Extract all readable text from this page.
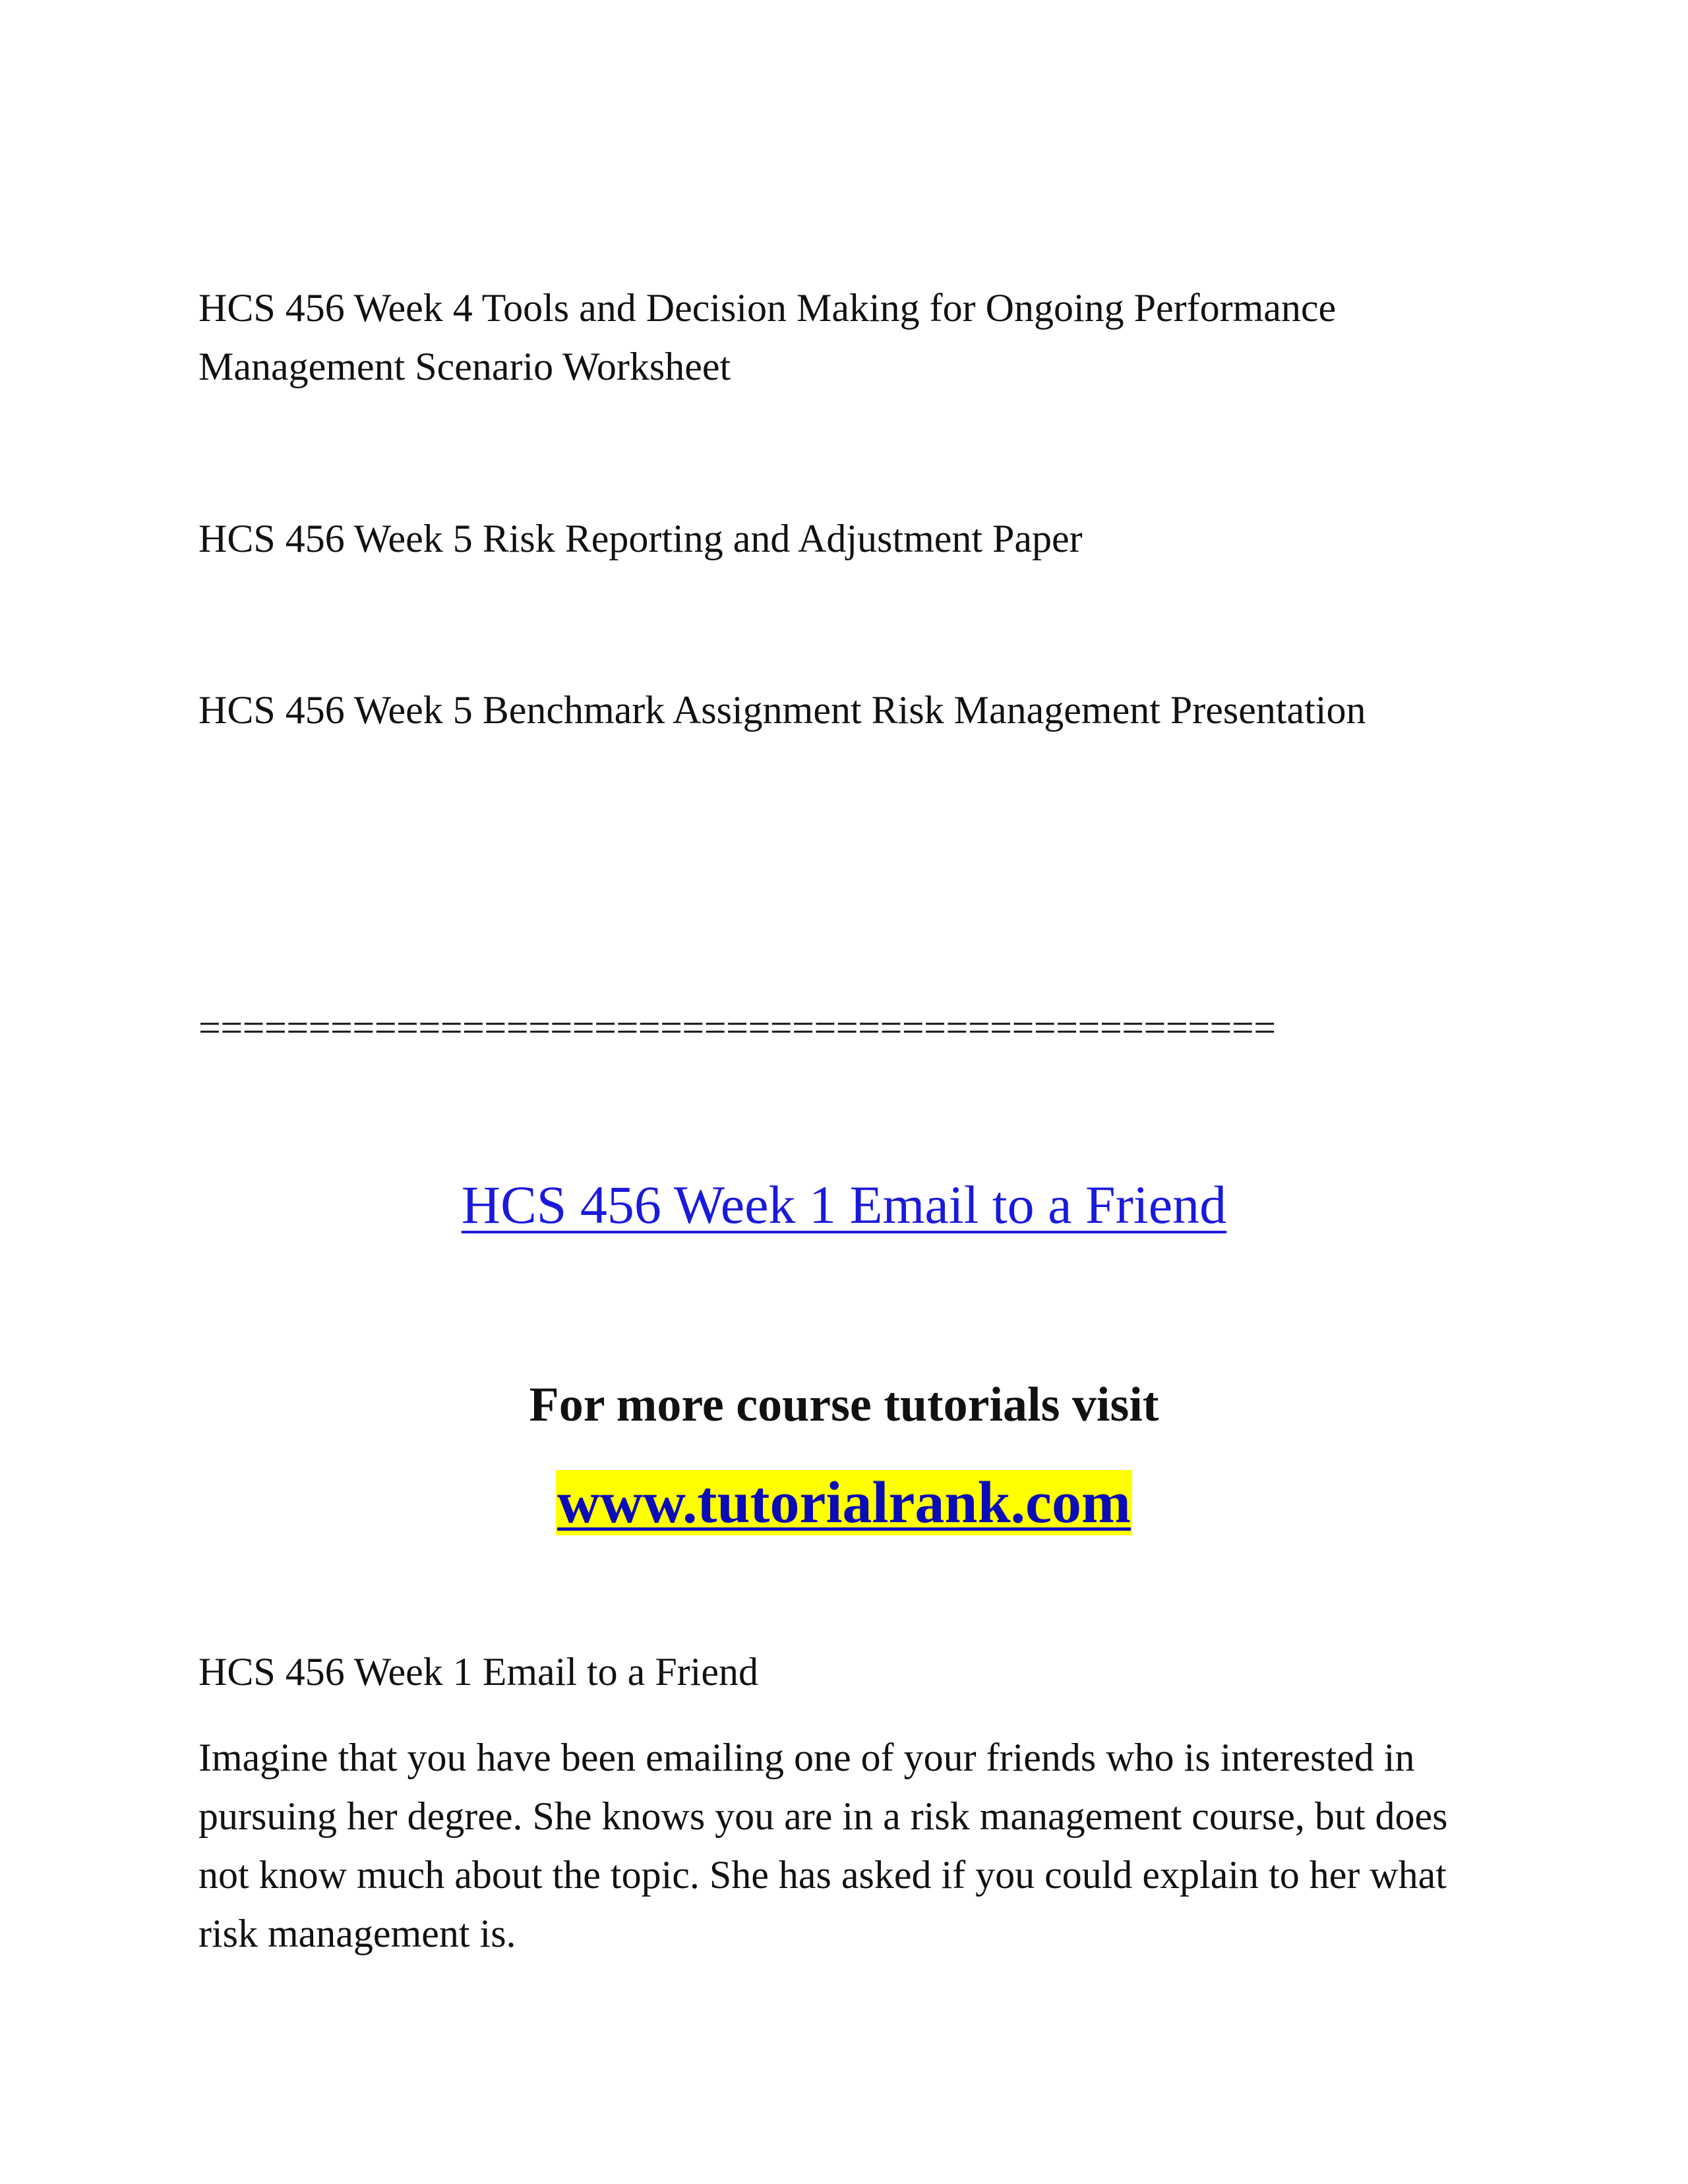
HCS 456 Week 4 Tools and Decision Making for Ongoing Performance Management Scenario Worksheet

HCS 456 Week 5 Risk Reporting and Adjustment Paper

HCS 456 Week 5 Benchmark Assignment Risk Management Presentation

=================================================
HCS 456 Week 1 Email to a Friend
For more course tutorials visit
www.tutorialrank.com

HCS 456 Week 1 Email to a Friend

Imagine that you have been emailing one of your friends who is interested in pursuing her degree. She knows you are in a risk management course, but does not know much about the topic. She has asked if you could explain to her what risk management is.
